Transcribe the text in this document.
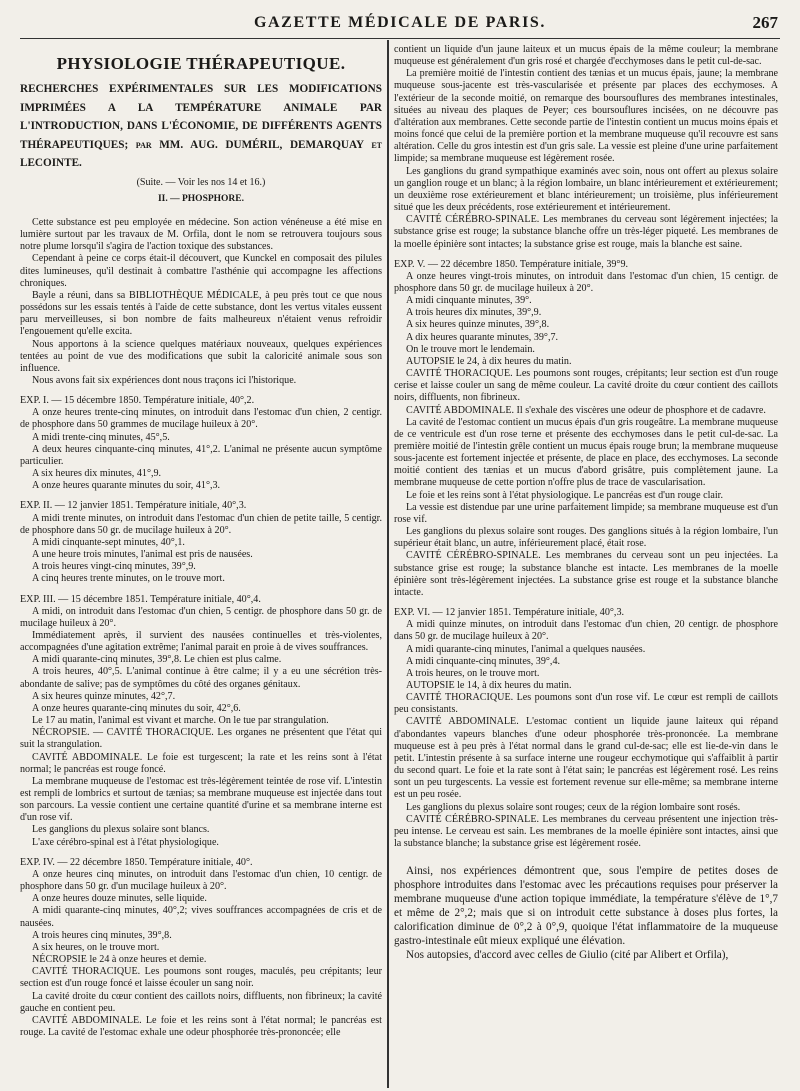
GAZETTE MÉDICALE DE PARIS.	267

PHYSIOLOGIE THÉRAPEUTIQUE.

RECHERCHES EXPÉRIMENTALES SUR LES MODIFICATIONS IMPRIMÉES A LA TEMPÉRATURE ANIMALE PAR L'INTRODUCTION, DANS L'ÉCONOMIE, DE DIFFÉRENTS AGENTS THÉRAPEUTIQUES; par MM. AUG. DUMÉRIL, DEMARQUAY et LECOINTE.

(Suite. — Voir les nos 14 et 16.)

II. — PHOSPHORE.

Cette substance est peu employée en médecine. Son action vénéneuse a été mise en lumière surtout par les travaux de M. Orfila, dont le nom se retrouvera toujours sous notre plume lorsqu'il s'agira de l'action toxique des substances.

Cependant à peine ce corps était-il découvert, que Kunckel en composait des pilules dites lumineuses, qu'il destinait à combattre l'asthénie qui accompagne les affections chroniques.

Bayle a réuni, dans sa BIBLIOTHÈQUE MÉDICALE, à peu près tout ce que nous possédons sur les essais tentés à l'aide de cette substance, dont les vertus vitales eussent paru merveilleuses, si bon nombre de faits malheureux n'étaient venus refroidir l'engouement qu'elle excita.

Nous apportons à la science quelques matériaux nouveaux, quelques expériences tentées au point de vue des modifications que subit la caloricité animale sous son influence.

Nous avons fait six expériences dont nous traçons ici l'historique.

EXP. I. — 15 décembre 1850. Température initiale, 40°,2.

A onze heures trente-cinq minutes, on introduit dans l'estomac d'un chien, 2 centigr. de phosphore dans 50 grammes de mucilage huileux à 20°.

A midi trente-cinq minutes, 45°,5.

A deux heures cinquante-cinq minutes, 41°,2. L'animal ne présente aucun symptôme particulier.

A six heures dix minutes, 41°,9.

A onze heures quarante minutes du soir, 41°,3.

EXP. II. — 12 janvier 1851. Température initiale, 40°,3.

A midi trente minutes, on introduit dans l'estomac d'un chien de petite taille, 5 centigr. de phosphore dans 50 gr. de mucilage huileux à 20°.

A midi cinquante-sept minutes, 40°,1.

A une heure trois minutes, l'animal est pris de nausées.

A trois heures vingt-cinq minutes, 39°,9.

A cinq heures trente minutes, on le trouve mort.

EXP. III. — 15 décembre 1851. Température initiale, 40°,4.

A midi, on introduit dans l'estomac d'un chien, 5 centigr. de phosphore dans 50 gr. de mucilage huileux à 20°.

Immédiatement après, il survient des nausées continuelles et très-violentes, accompagnées d'une agitation extrême; l'animal parait en proie à de vives souffrances.

A midi quarante-cinq minutes, 39°,8. Le chien est plus calme.

A trois heures, 40°,5. L'animal continue à être calme; il y a eu une sécrétion très-abondante de salive; pas de symptômes du côté des organes génitaux.

A six heures quinze minutes, 42°,7.

A onze heures quarante-cinq minutes du soir, 42°,6.

Le 17 au matin, l'animal est vivant et marche. On le tue par strangulation.

NÉCROPSIE. — CAVITÉ THORACIQUE. Les organes ne présentent que l'état qui suit la strangulation.

CAVITÉ ABDOMINALE. Le foie est turgescent; la rate et les reins sont à l'état normal; le pancréas est rouge foncé.

La membrane muqueuse de l'estomac est très-légèrement teintée de rose vif. L'intestin est rempli de lombrics et surtout de tænias; sa membrane muqueuse est injectée dans tout son parcours. La vessie contient une certaine quantité d'urine et sa membrane interne est d'un rose vif.

Les ganglions du plexus solaire sont blancs.

L'axe cérébro-spinal est à l'état physiologique.

EXP. IV. — 22 décembre 1850. Température initiale, 40°.

A onze heures cinq minutes, on introduit dans l'estomac d'un chien, 10 centigr. de phosphore dans 50 gr. d'un mucilage huileux à 20°.

A onze heures douze minutes, selle liquide.

A midi quarante-cinq minutes, 40°,2; vives souffrances accompagnées de cris et de nausées.

A trois heures cinq minutes, 39°,8.

A six heures, on le trouve mort.

NÉCROPSIE le 24 à onze heures et demie.

CAVITÉ THORACIQUE. Les poumons sont rouges, maculés, peu crépitants; leur section est d'un rouge foncé et laisse écouler un sang noir.

La cavité droite du cœur contient des caillots noirs, diffluents, non fibrineux; la cavité gauche en contient peu.

CAVITÉ ABDOMINALE. Le foie et les reins sont à l'état normal; le pancréas est rouge. La cavité de l'estomac exhale une odeur phosphorée très-prononcée; elle

contient un liquide d'un jaune laiteux et un mucus épais de la même couleur; la membrane muqueuse est généralement d'un gris rosé et chargée d'ecchymoses dans le petit cul-de-sac.

La première moitié de l'intestin contient des tænias et un mucus épais, jaune; la membrane muqueuse sous-jacente est très-vascularisée et présente par places des ecchymoses. A l'extérieur de la seconde moitié, on remarque des boursouflures des membranes intestinales, situées au niveau des plaques de Peyer; ces boursouflures incisées, on ne découvre pas d'altération aux membranes. Cette seconde partie de l'intestin contient un mucus moins épais et moins foncé que celui de la première portion et la membrane muqueuse qu'il recouvre est sans altération. Celle du gros intestin est d'un gris sale. La vessie est pleine d'une urine parfaitement limpide; sa membrane muqueuse est légèrement rosée.

Les ganglions du grand sympathique examinés avec soin, nous ont offert au plexus solaire un ganglion rouge et un blanc; à la région lombaire, un blanc intérieurement et extérieurement; un deuxième rose extérieurement et blanc intérieurement; un troisième, plus inférieurement situé que les deux précédents, rose extérieurement et intérieurement.

CAVITÉ CÉRÉBRO-SPINALE. Les membranes du cerveau sont légèrement injectées; la substance grise est rouge; la substance blanche offre un très-léger piqueté. Les membranes de la moelle épinière sont intactes; la substance grise est rouge, mais la blanche est saine.

EXP. V. — 22 décembre 1850. Température initiale, 39°9.

A onze heures vingt-trois minutes, on introduit dans l'estomac d'un chien, 15 centigr. de phosphore dans 50 gr. de mucilage huileux à 20°.

A midi cinquante minutes, 39°.

A trois heures dix minutes, 39°,9.

A six heures quinze minutes, 39°,8.

A dix heures quarante minutes, 39°,7.

On le trouve mort le lendemain.

AUTOPSIE le 24, à dix heures du matin.

CAVITÉ THORACIQUE. Les poumons sont rouges, crépitants; leur section est d'un rouge cerise et laisse couler un sang de même couleur. La cavité droite du cœur contient des caillots noirs, diffluents, non fibrineux.

CAVITÉ ABDOMINALE. Il s'exhale des viscères une odeur de phosphore et de cadavre.

La cavité de l'estomac contient un mucus épais d'un gris rougeâtre. La membrane muqueuse de ce ventricule est d'un rose terne et présente des ecchymoses dans le petit cul-de-sac. La première moitié de l'intestin grêle contient un mucus épais rouge brun; la membrane muqueuse sous-jacente est fortement injectée et présente, de place en place, des ecchymoses. La seconde moitié contient des tænias et un mucus d'abord grisâtre, puis complètement jaune. La membrane muqueuse de cette portion n'offre plus de trace de vascularisation.

Le foie et les reins sont à l'état physiologique. Le pancréas est d'un rouge clair.

La vessie est distendue par une urine parfaitement limpide; sa membrane muqueuse est d'un rose vif.

Les ganglions du plexus solaire sont rouges. Des ganglions situés à la région lombaire, l'un supérieur était blanc, un autre, inférieurement placé, était rose.

CAVITÉ CÉRÉBRO-SPINALE. Les membranes du cerveau sont un peu injectées. La substance grise est rouge; la substance blanche est intacte. Les membranes de la moelle épinière sont très-légèrement injectées. La substance grise est rouge et la substance blanche intacte.

EXP. VI. — 12 janvier 1851. Température initiale, 40°,3.

A midi quinze minutes, on introduit dans l'estomac d'un chien, 20 centigr. de phosphore dans 50 gr. de mucilage huileux à 20°.

A midi quarante-cinq minutes, l'animal a quelques nausées.

A midi cinquante-cinq minutes, 39°,4.

A trois heures, on le trouve mort.

AUTOPSIE le 14, à dix heures du matin.

CAVITÉ THORACIQUE. Les poumons sont d'un rose vif. Le cœur est rempli de caillots peu consistants.

CAVITÉ ABDOMINALE. L'estomac contient un liquide jaune laiteux qui répand d'abondantes vapeurs blanches d'une odeur phosphorée très-prononcée. La membrane muqueuse est à peu près à l'état normal dans le grand cul-de-sac; elle est lie-de-vin dans le petit. L'intestin présente à sa surface interne une rougeur ecchymotique qui s'affaiblit à partir du second quart. Le foie et la rate sont à l'état sain; le pancréas est légèrement rosé. Les reins sont un peu turgescents. La vessie est fortement revenue sur elle-même; sa membrane interne est un peu rosée.

Les ganglions du plexus solaire sont rouges; ceux de la région lombaire sont rosés.

CAVITÉ CÉRÉBRO-SPINALE. Les membranes du cerveau présentent une injection très-peu intense. Le cerveau est sain. Les membranes de la moelle épinière sont intactes, ainsi que la substance blanche; la substance grise est légèrement rosée.

Ainsi, nos expériences démontrent que, sous l'empire de petites doses de phosphore introduites dans l'estomac avec les précautions requises pour préserver la membrane muqueuse d'une action topique immédiate, la température s'élève de 1°,7 et même de 2°,2; mais que si on introduit cette substance à doses plus fortes, la calorification diminue de 0°,2 à 0°,9, quoique l'état inflammatoire de la muqueuse gastro-intestinale eût mieux expliqué une élévation.

Nos autopsies, d'accord avec celles de Giulio (cité par Alibert et Orfila),
